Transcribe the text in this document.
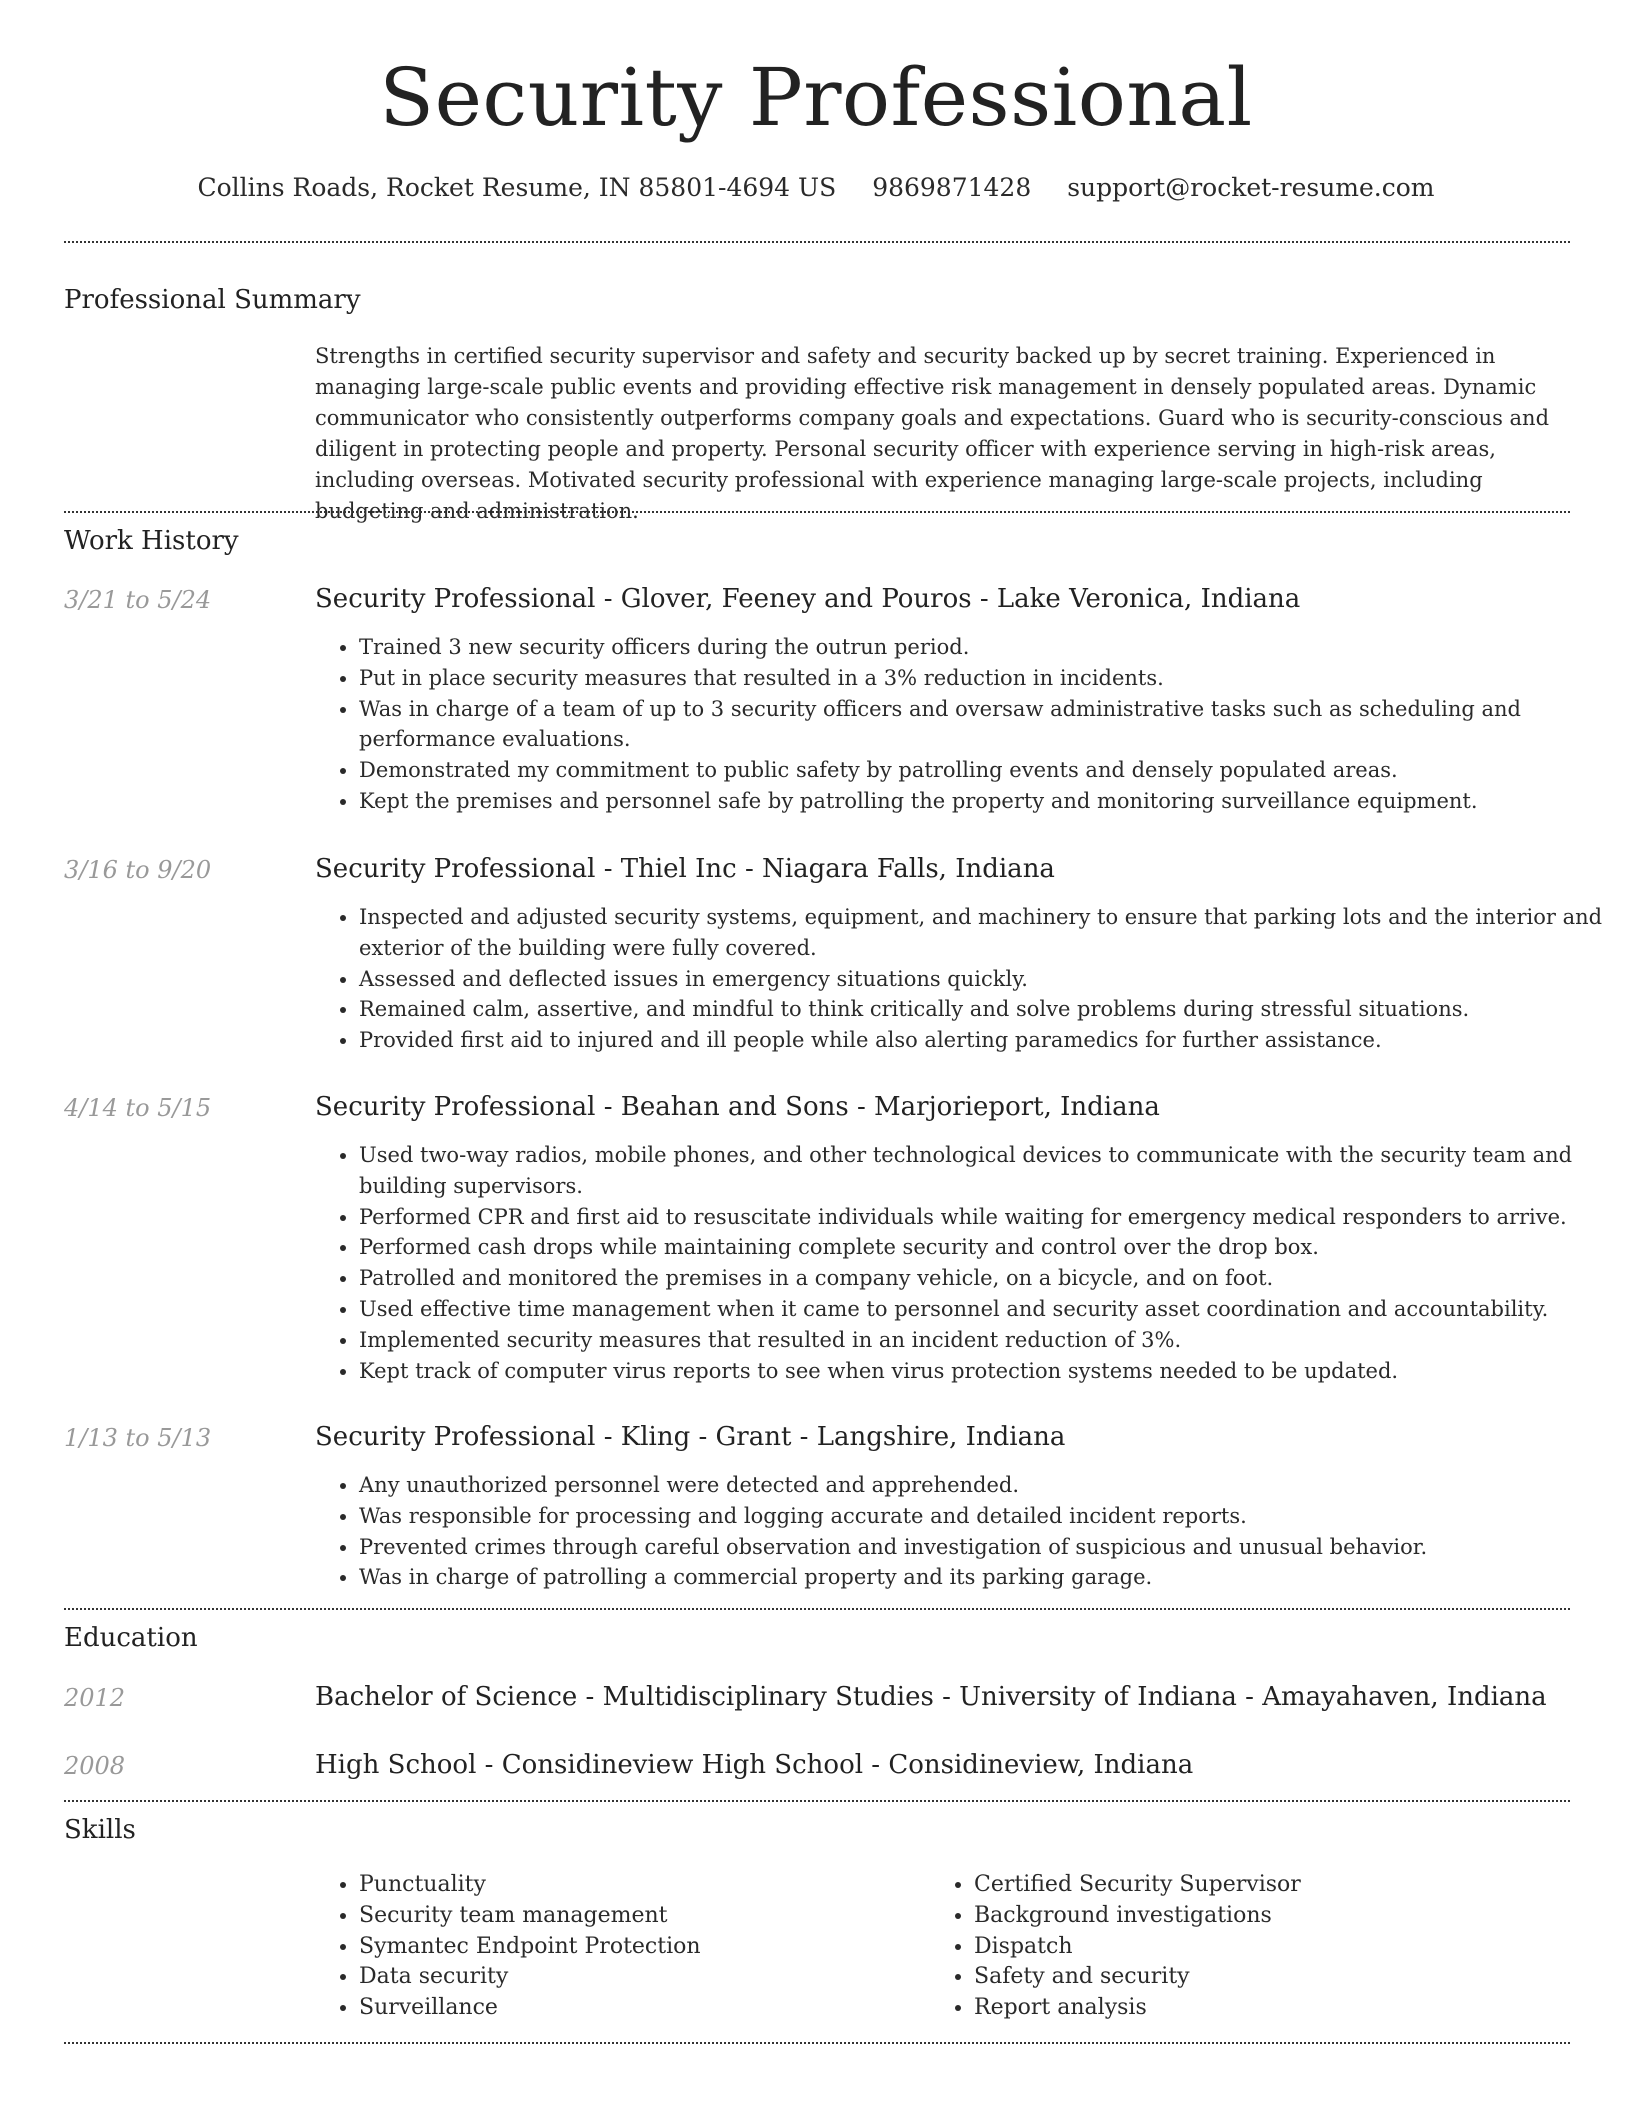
Security Professional
Collins Roads, Rocket Resume, IN 85801-4694 US 9869871428 support@rocket-resume.com
Professional Summary
Strengths in certified security supervisor and safety and security backed up by secret training. Experienced in managing large-scale public events and providing effective risk management in densely populated areas. Dynamic communicator who consistently outperforms company goals and expectations. Guard who is security-conscious and diligent in protecting people and property. Personal security officer with experience serving in high-risk areas, including overseas. Motivated security professional with experience managing large-scale projects, including budgeting and administration.
Work History
3/21 to 5/24	Security Professional - Glover, Feeney and Pouros - Lake Veronica, Indiana
• Trained 3 new security officers during the outrun period.
• Put in place security measures that resulted in a 3% reduction in incidents.
• Was in charge of a team of up to 3 security officers and oversaw administrative tasks such as scheduling and performance evaluations.
• Demonstrated my commitment to public safety by patrolling events and densely populated areas.
• Kept the premises and personnel safe by patrolling the property and monitoring surveillance equipment.
3/16 to 9/20	Security Professional - Thiel Inc - Niagara Falls, Indiana
• Inspected and adjusted security systems, equipment, and machinery to ensure that parking lots and the interior and exterior of the building were fully covered.
• Assessed and deflected issues in emergency situations quickly.
• Remained calm, assertive, and mindful to think critically and solve problems during stressful situations.
• Provided first aid to injured and ill people while also alerting paramedics for further assistance.
4/14 to 5/15	Security Professional - Beahan and Sons - Marjorieport, Indiana
• Used two-way radios, mobile phones, and other technological devices to communicate with the security team and building supervisors.
• Performed CPR and first aid to resuscitate individuals while waiting for emergency medical responders to arrive.
• Performed cash drops while maintaining complete security and control over the drop box.
• Patrolled and monitored the premises in a company vehicle, on a bicycle, and on foot.
• Used effective time management when it came to personnel and security asset coordination and accountability.
• Implemented security measures that resulted in an incident reduction of 3%.
• Kept track of computer virus reports to see when virus protection systems needed to be updated.
1/13 to 5/13	Security Professional - Kling - Grant - Langshire, Indiana
• Any unauthorized personnel were detected and apprehended.
• Was responsible for processing and logging accurate and detailed incident reports.
• Prevented crimes through careful observation and investigation of suspicious and unusual behavior.
• Was in charge of patrolling a commercial property and its parking garage.
Education
2012	Bachelor of Science - Multidisciplinary Studies - University of Indiana - Amayahaven, Indiana
2008	High School - Considineview High School - Considineview, Indiana
Skills
• Punctuality
• Security team management
• Symantec Endpoint Protection
• Data security
• Surveillance
• Certified Security Supervisor
• Background investigations
• Dispatch
• Safety and security
• Report analysis
